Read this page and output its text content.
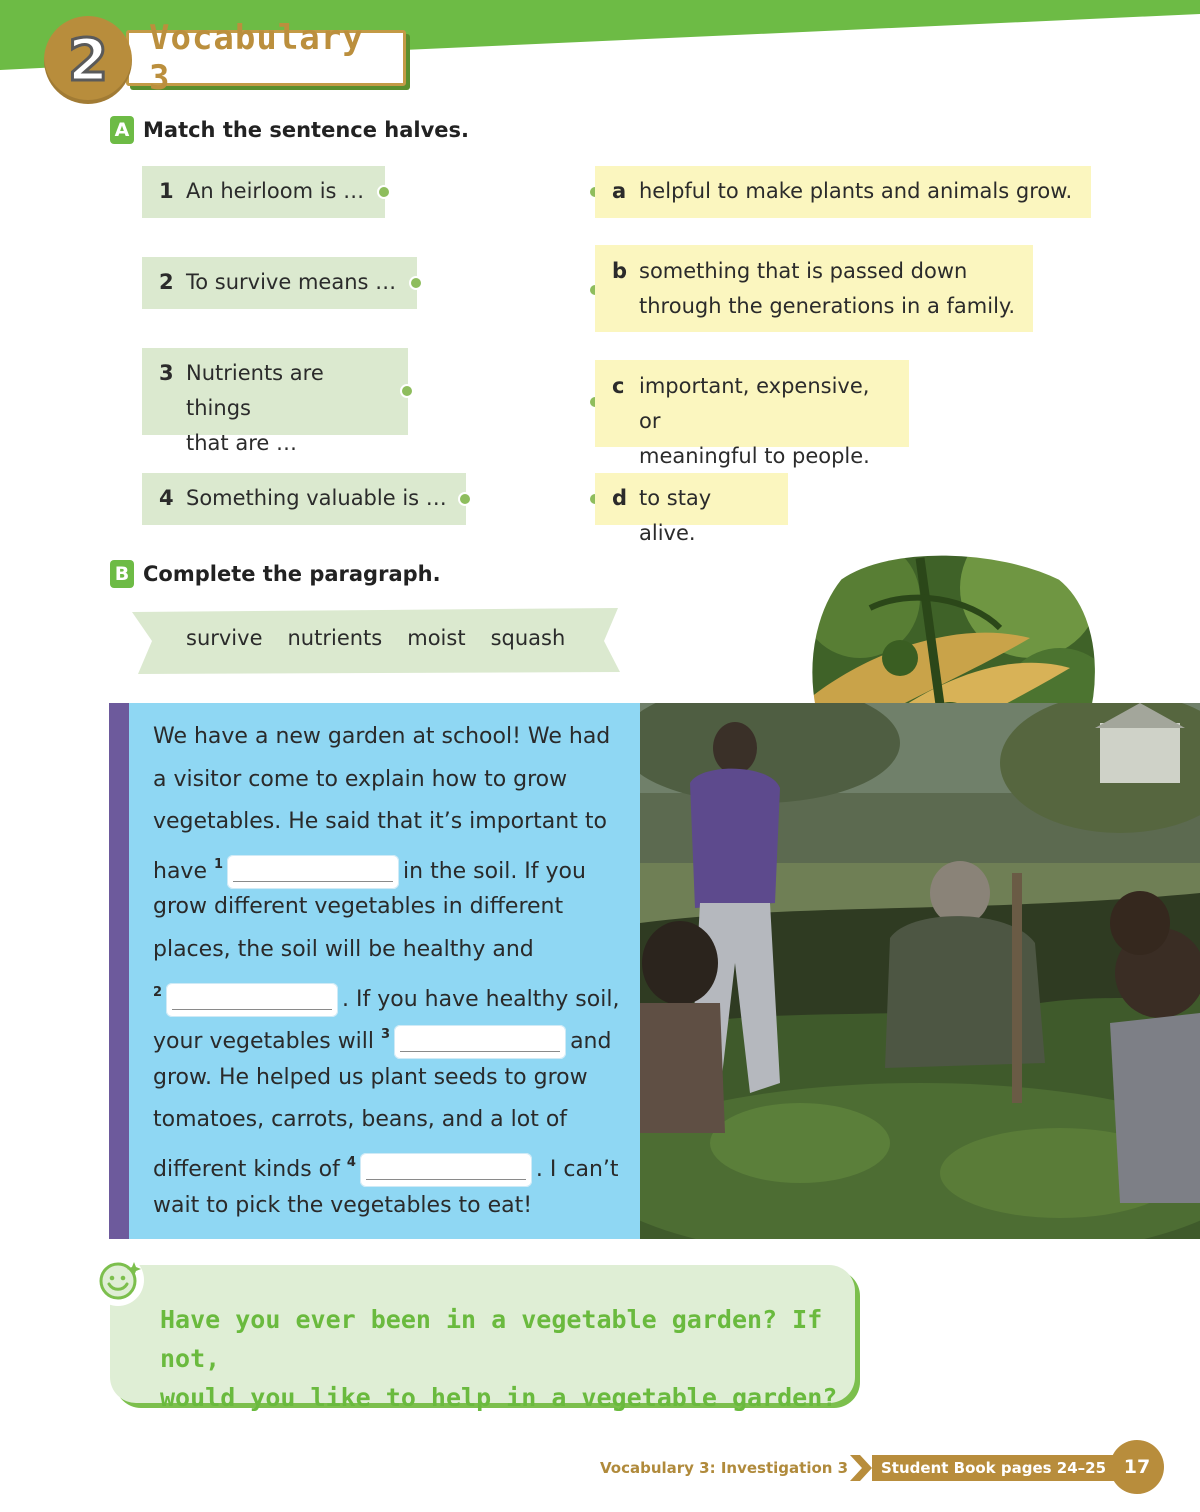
Vocabulary 3
2
A Match the sentence halves.
1 An heirloom is …
2 To survive means …
3 Nutrients are things
that are …
4 Something valuable is …
a helpful to make plants and animals grow.
b something that is passed down
through the generations in a family.
c important, expensive, or
meaningful to people.
d to stay alive.
B Complete the paragraph.
survive nutrients moist squash
We have a new garden at school! We had
a visitor come to explain how to grow
vegetables. He said that it’s important to
have $^1$	in the soil. If you
grow different vegetables in different
places, the soil will be healthy and
$^2$	. If you have healthy soil,
your vegetables will $^3$	and
grow. He helped us plant seeds to grow
tomatoes, carrots, beans, and a lot of
different kinds of $^4$	. I can’t
wait to pick the vegetables to eat!
Have you ever been in a vegetable garden? If not,
would you like to help in a vegetable garden?
Vocabulary 3: Investigation 3	Student Book pages 24–25 17
